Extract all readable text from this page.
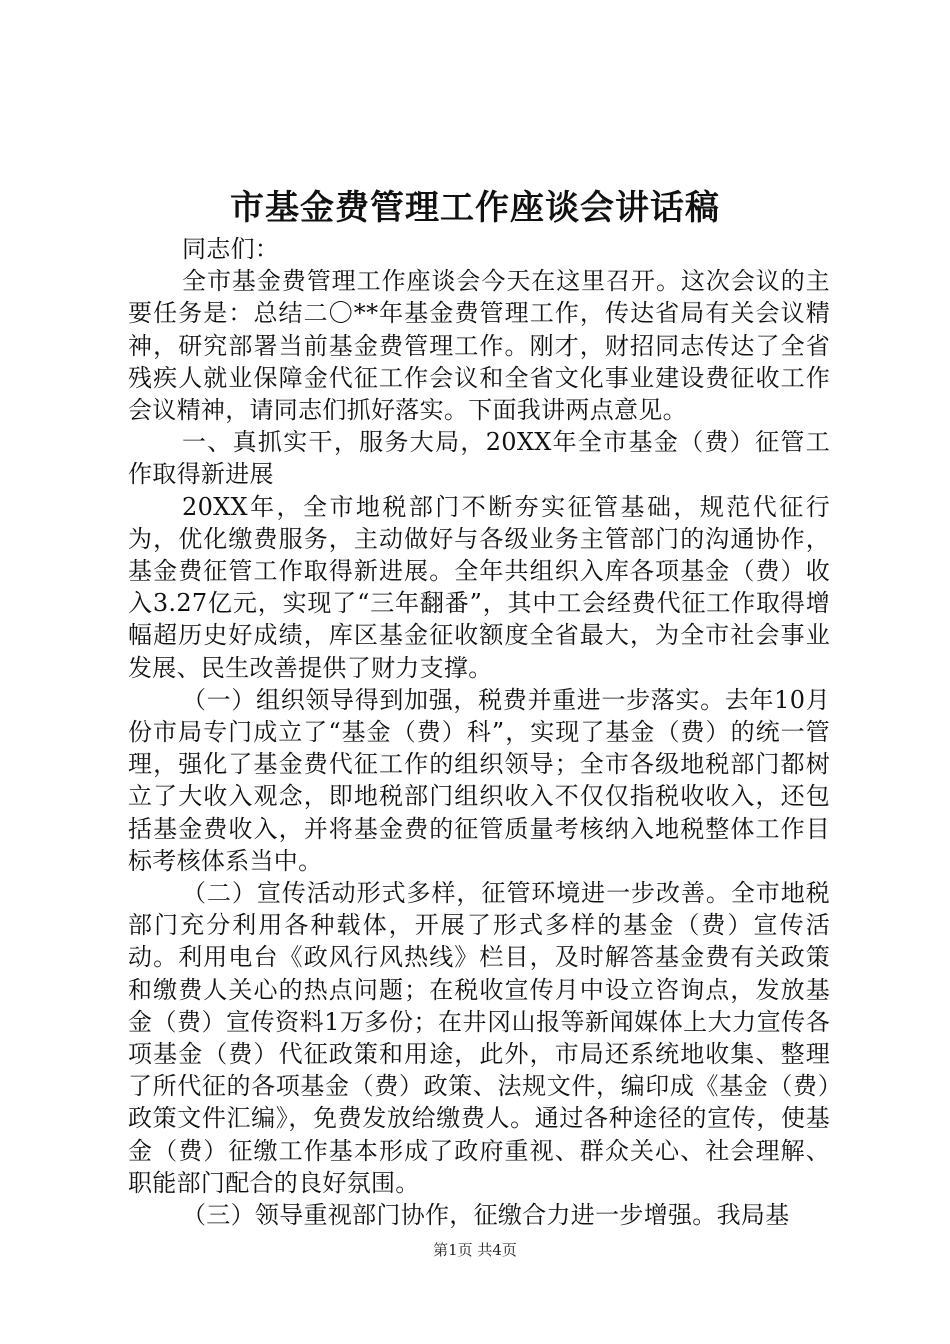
市基金费管理工作座谈会讲话稿

同志们：

全市基金费管理工作座谈会今天在这里召开。这次会议的主要任务是：总结二〇**年基金费管理工作，传达省局有关会议精神，研究部署当前基金费管理工作。刚才，财招同志传达了全省残疾人就业保障金代征工作会议和全省文化事业建设费征收工作会议精神，请同志们抓好落实。下面我讲两点意见。

一、真抓实干，服务大局，20XX年全市基金（费）征管工作取得新进展

20XX年，全市地税部门不断夯实征管基础，规范代征行为，优化缴费服务，主动做好与各级业务主管部门的沟通协作，基金费征管工作取得新进展。全年共组织入库各项基金（费）收入3.27亿元，实现了“三年翻番”，其中工会经费代征工作取得增幅超历史好成绩，库区基金征收额度全省最大，为全市社会事业发展、民生改善提供了财力支撑。

（一）组织领导得到加强，税费并重进一步落实。去年10月份市局专门成立了“基金（费）科”，实现了基金（费）的统一管理，强化了基金费代征工作的组织领导；全市各级地税部门都树立了大收入观念，即地税部门组织收入不仅仅指税收收入，还包括基金费收入，并将基金费的征管质量考核纳入地税整体工作目标考核体系当中。

（二）宣传活动形式多样，征管环境进一步改善。全市地税部门充分利用各种载体，开展了形式多样的基金（费）宣传活动。利用电台《政风行风热线》栏目，及时解答基金费有关政策和缴费人关心的热点问题；在税收宣传月中设立咨询点，发放基金（费）宣传资料1万多份；在井冈山报等新闻媒体上大力宣传各项基金（费）代征政策和用途，此外，市局还系统地收集、整理了所代征的各项基金（费）政策、法规文件，编印成《基金（费）政策文件汇编》，免费发放给缴费人。通过各种途径的宣传，使基金（费）征缴工作基本形成了政府重视、群众关心、社会理解、职能部门配合的良好氛围。

（三）领导重视部门协作，征缴合力进一步增强。我局基

第1页 共4页
